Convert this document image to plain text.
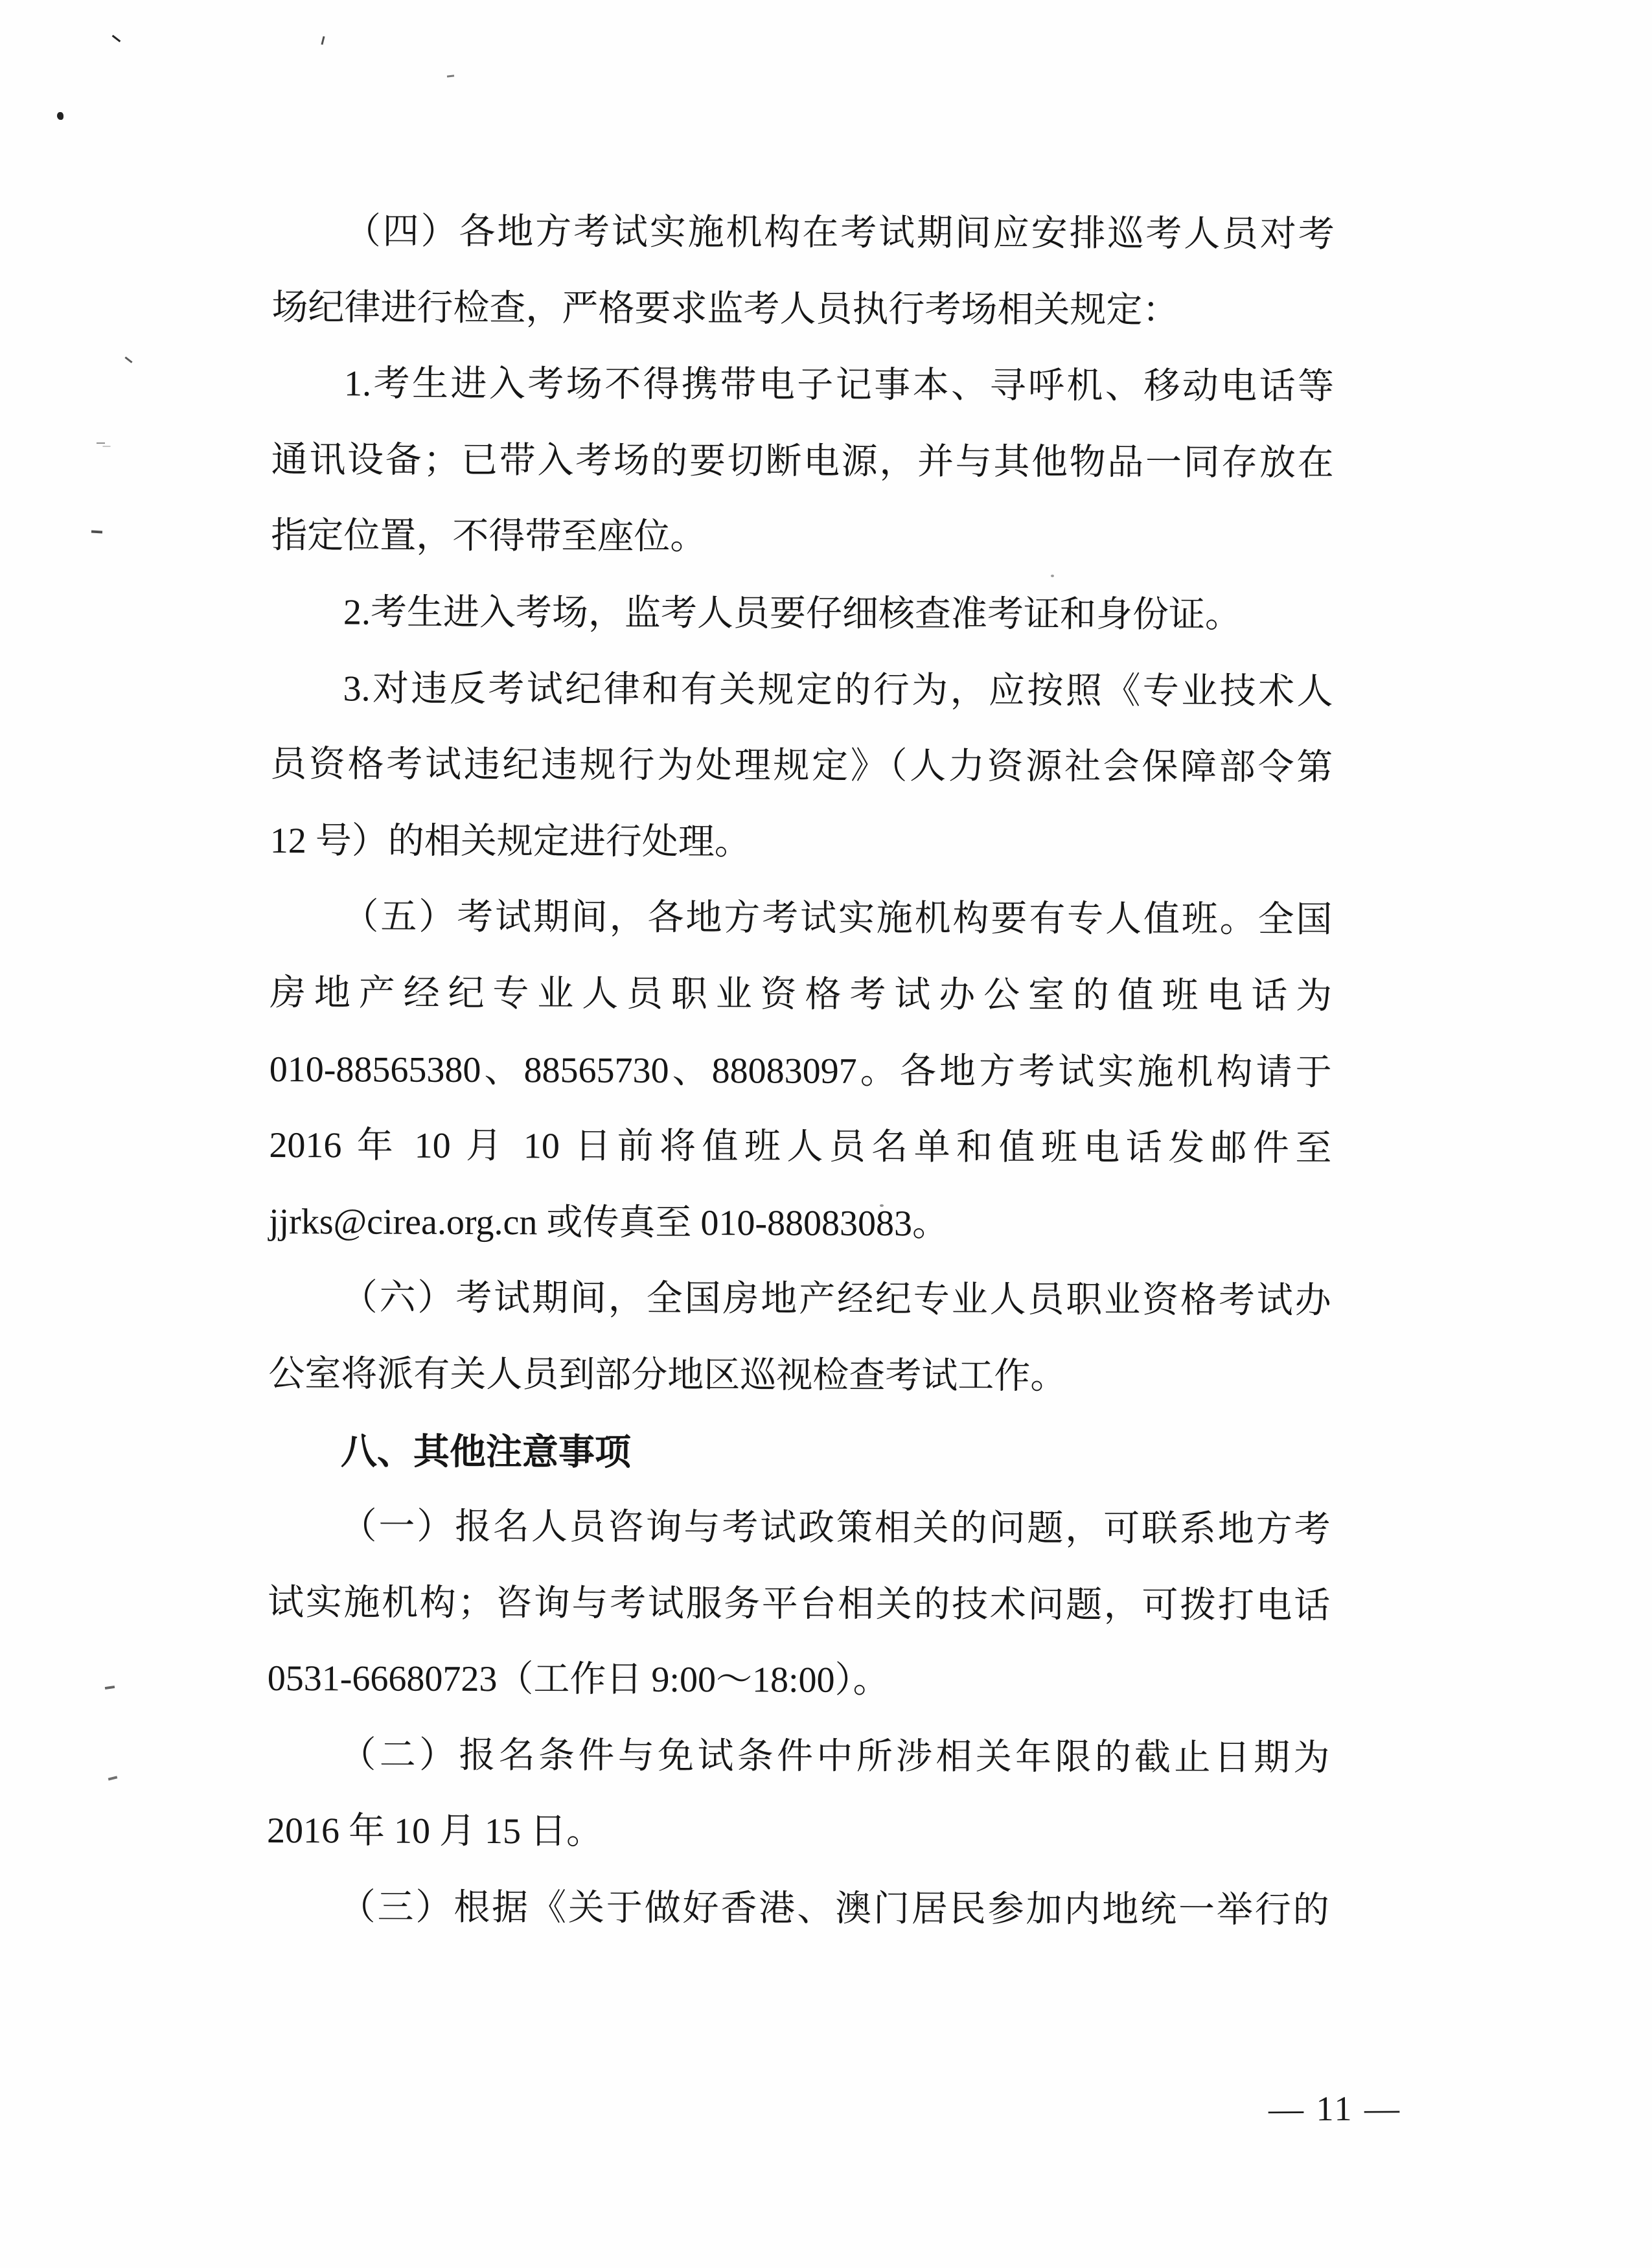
（四）各地方考试实施机构在考试期间应安排巡考人员对考
场纪律进行检查，严格要求监考人员执行考场相关规定：
1.考生进入考场不得携带电子记事本、寻呼机、移动电话等
通讯设备；已带入考场的要切断电源，并与其他物品一同存放在
指定位置，不得带至座位。
2.考生进入考场，监考人员要仔细核查准考证和身份证。
3.对违反考试纪律和有关规定的行为，应按照《专业技术人
员资格考试违纪违规行为处理规定》（人力资源社会保障部令第
12 号）的相关规定进行处理。
（五）考试期间，各地方考试实施机构要有专人值班。全国
房地产经纪专业人员职业资格考试办公室的值班电话为
010-88565380、88565730、88083097。各地方考试实施机构请于
2016 年 10 月 10 日前将值班人员名单和值班电话发邮件至
jjrks@cirea.org.cn 或传真至 010-88083083。
（六）考试期间，全国房地产经纪专业人员职业资格考试办
公室将派有关人员到部分地区巡视检查考试工作。
八、其他注意事项
（一）报名人员咨询与考试政策相关的问题，可联系地方考
试实施机构；咨询与考试服务平台相关的技术问题，可拨打电话
0531-66680723（工作日 9:00～18:00）。
（二）报名条件与免试条件中所涉相关年限的截止日期为
2016 年 10 月 15 日。
（三）根据《关于做好香港、澳门居民参加内地统一举行的
— 11 —
